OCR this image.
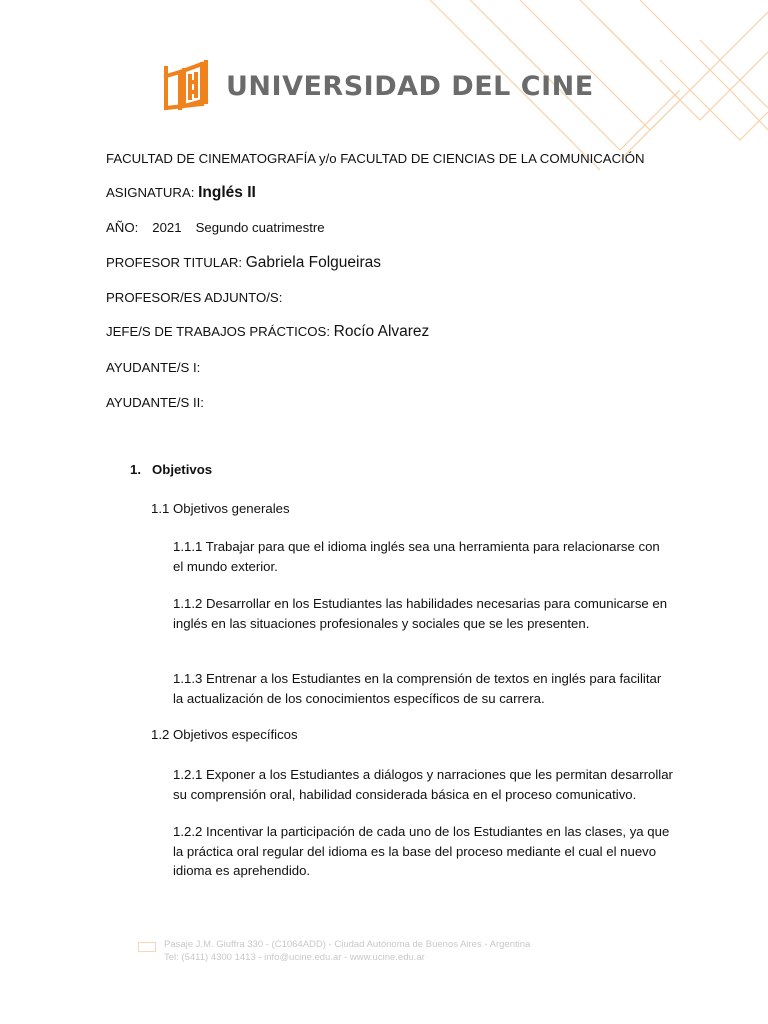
UNIVERSIDAD DEL CINE
FACULTAD DE CINEMATOGRAFÍA y/o FACULTAD DE CIENCIAS DE LA COMUNICACIÓN
ASIGNATURA: Inglés II
AÑO: 2021 Segundo cuatrimestre
PROFESOR TITULAR: Gabriela Folgueiras
PROFESOR/ES ADJUNTO/S:
JEFE/S DE TRABAJOS PRÁCTICOS: Rocío Alvarez
AYUDANTE/S I:
AYUDANTE/S II:
1. Objetivos
1.1 Objetivos generales
1.1.1 Trabajar para que el idioma inglés sea una herramienta para relacionarse con el mundo exterior.
1.1.2 Desarrollar en los Estudiantes las habilidades necesarias para comunicarse en inglés en las situaciones profesionales y sociales que se les presenten.
1.1.3 Entrenar a los Estudiantes en la comprensión de textos en inglés para facilitar la actualización de los conocimientos específicos de su carrera.
1.2 Objetivos específicos
1.2.1 Exponer a los Estudiantes a diálogos y narraciones que les permitan desarrollar su comprensión oral, habilidad considerada básica en el proceso comunicativo.
1.2.2 Incentivar la participación de cada uno de los Estudiantes en las clases, ya que la práctica oral regular del idioma es la base del proceso mediante el cual el nuevo idioma es aprehendido.
Pasaje J.M. Giuffra 330 - (C1064ADD) - Ciudad Autónoma de Buenos Aires - Argentina
Tel: (5411) 4300 1413 - info@ucine.edu.ar - www.ucine.edu.ar
